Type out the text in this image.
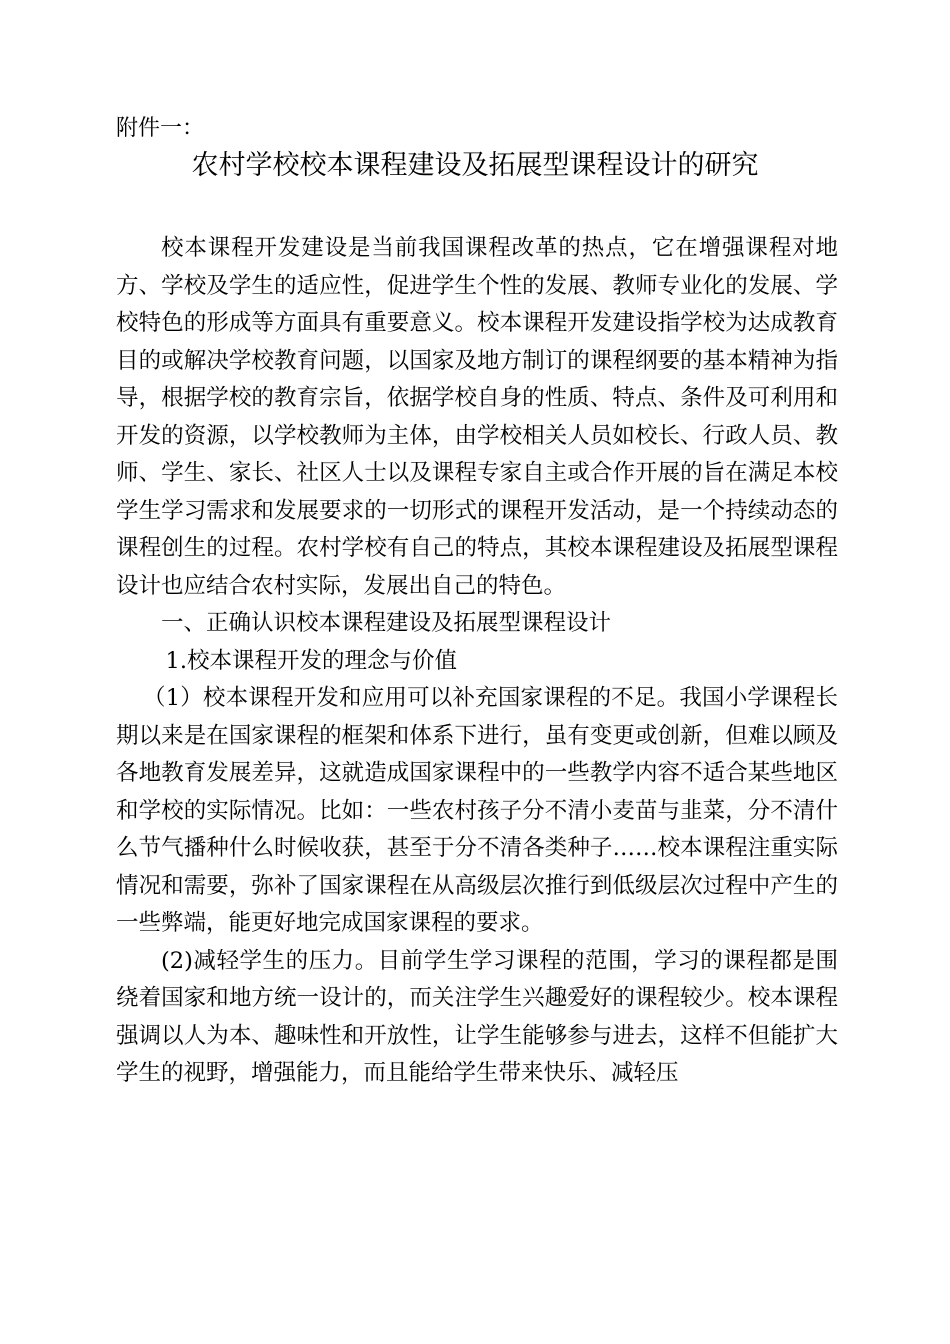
附件一：
农村学校校本课程建设及拓展型课程设计的研究

校本课程开发建设是当前我国课程改革的热点，它在增强课程对地方、学校及学生的适应性，促进学生个性的发展、教师专业化的发展、学校特色的形成等方面具有重要意义。校本课程开发建设指学校为达成教育目的或解决学校教育问题，以国家及地方制订的课程纲要的基本精神为指导，根据学校的教育宗旨，依据学校自身的性质、特点、条件及可利用和开发的资源，以学校教师为主体，由学校相关人员如校长、行政人员、教师、学生、家长、社区人士以及课程专家自主或合作开展的旨在满足本校学生学习需求和发展要求的一切形式的课程开发活动，是一个持续动态的课程创生的过程。农村学校有自己的特点，其校本课程建设及拓展型课程设计也应结合农村实际，发展出自己的特色。

一、正确认识校本课程建设及拓展型课程设计

1.校本课程开发的理念与价值

（1）校本课程开发和应用可以补充国家课程的不足。我国小学课程长期以来是在国家课程的框架和体系下进行，虽有变更或创新，但难以顾及各地教育发展差异，这就造成国家课程中的一些教学内容不适合某些地区和学校的实际情况。比如：一些农村孩子分不清小麦苗与韭菜，分不清什么节气播种什么时候收获，甚至于分不清各类种子……校本课程注重实际情况和需要，弥补了国家课程在从高级层次推行到低级层次过程中产生的一些弊端，能更好地完成国家课程的要求。

(2)减轻学生的压力。目前学生学习课程的范围，学习的课程都是围绕着国家和地方统一设计的，而关注学生兴趣爱好的课程较少。校本课程强调以人为本、趣味性和开放性，让学生能够参与进去，这样不但能扩大学生的视野，增强能力，而且能给学生带来快乐、减轻压
